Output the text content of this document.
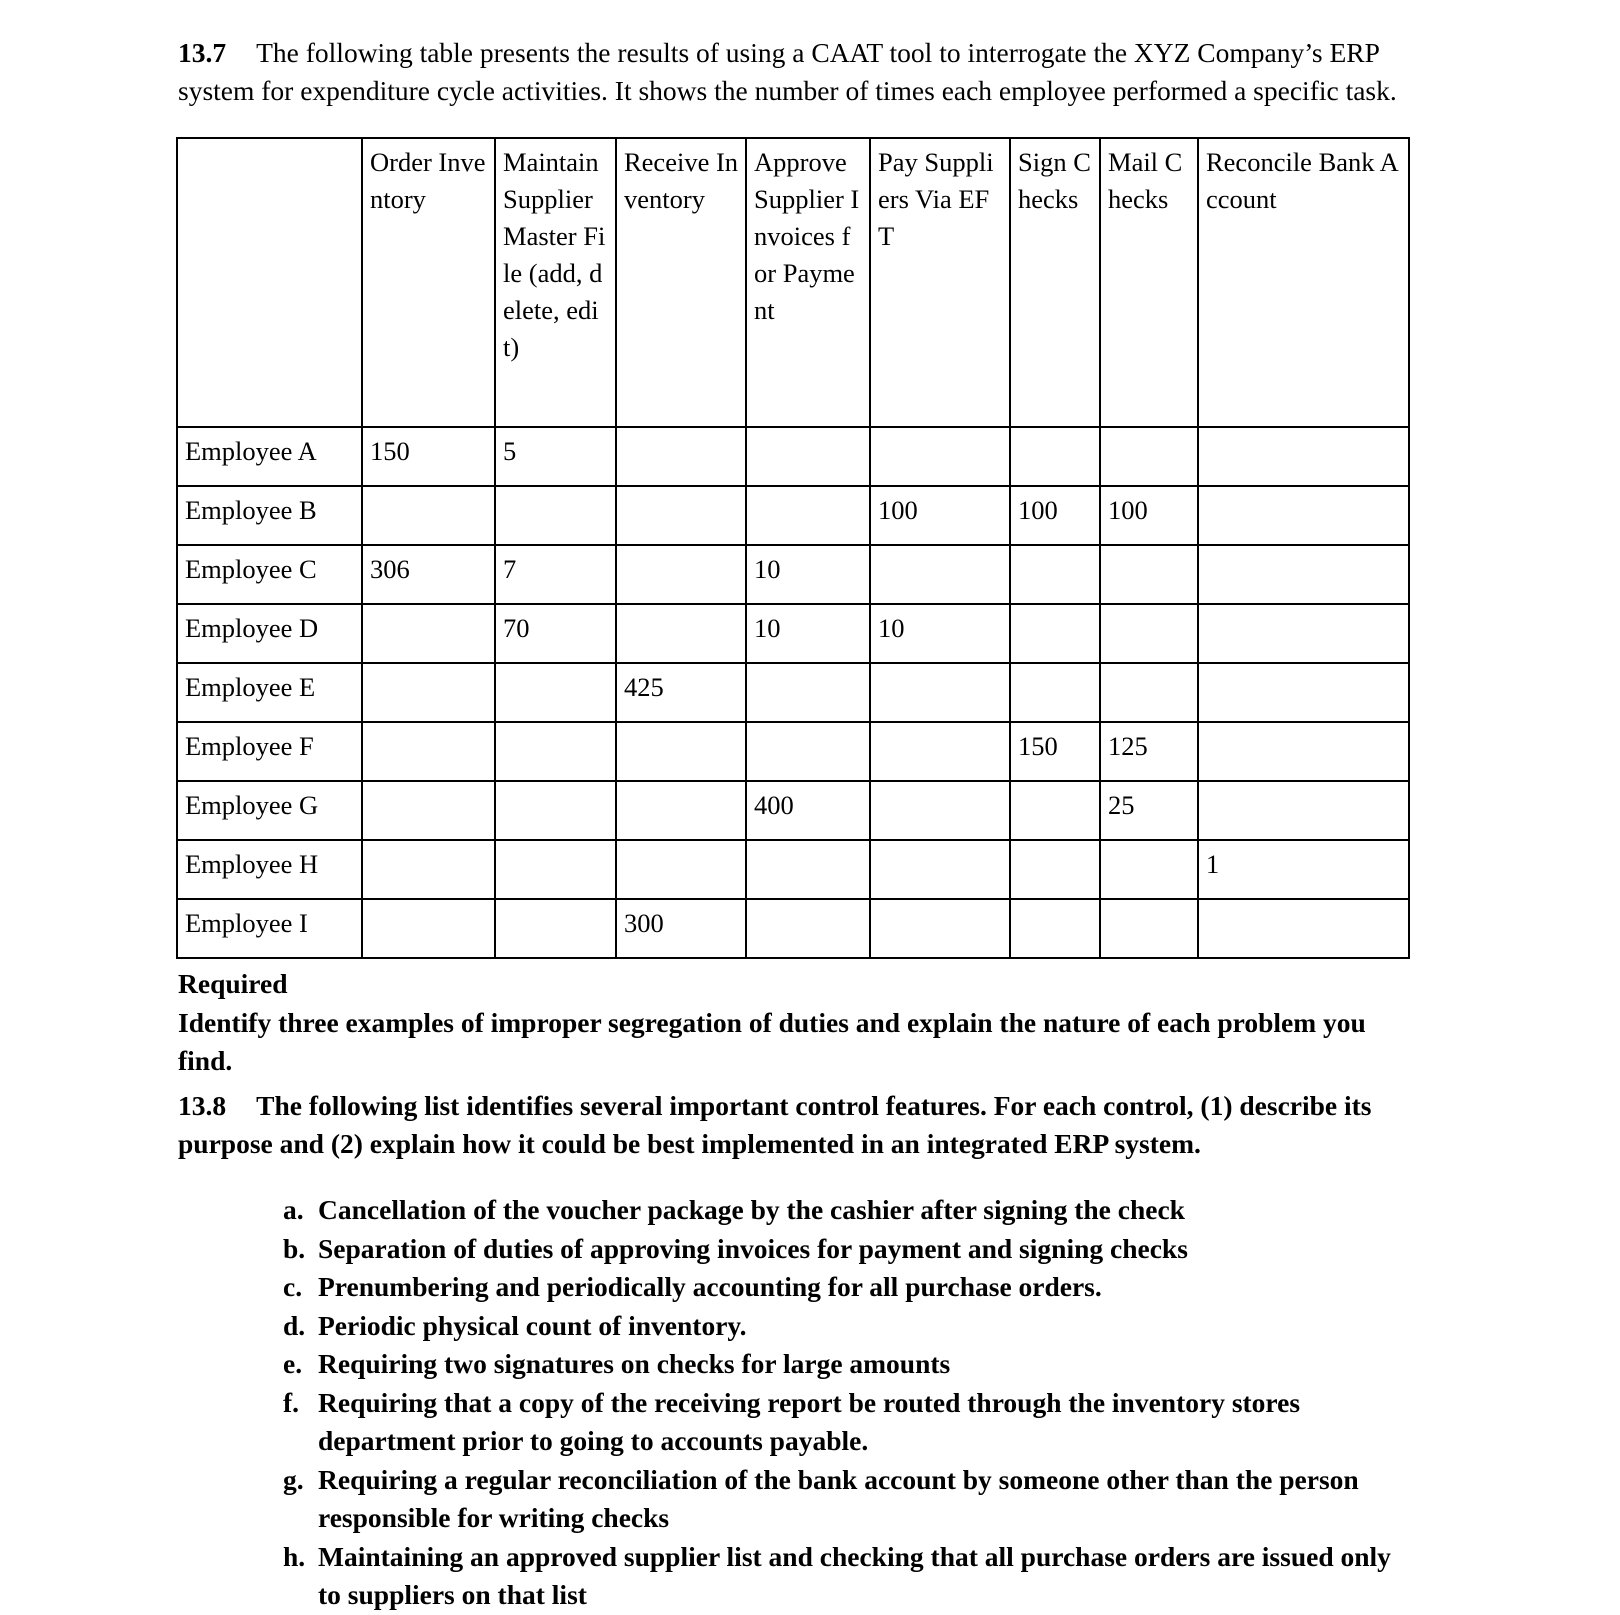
13.7 The following table presents the results of using a CAAT tool to interrogate the XYZ Company’s ERP system for expenditure cycle activities. It shows the number of times each employee performed a specific task.

	Order Inventory	Maintain Supplier Master File (add, delete, edit)	Receive Inventory	Approve Supplier Invoices for Payment	Pay Suppliers Via EFT	Sign Checks	Mail Checks	Reconcile Bank Account
Employee A	150	5						
Employee B					100	100	100	
Employee C	306	7		10				
Employee D		70		10	10			
Employee E			425					
Employee F						150	125	
Employee G				400			25	
Employee H								1
Employee I			300					
Required
Identify three examples of improper segregation of duties and explain the nature of each problem you find.

13.8 The following list identifies several important control features. For each control, (1) describe its purpose and (2) explain how it could be best implemented in an integrated ERP system.

a. Cancellation of the voucher package by the cashier after signing the check
b. Separation of duties of approving invoices for payment and signing checks
c. Prenumbering and periodically accounting for all purchase orders.
d. Periodic physical count of inventory.
e. Requiring two signatures on checks for large amounts
f. Requiring that a copy of the receiving report be routed through the inventory stores department prior to going to accounts payable.
g. Requiring a regular reconciliation of the bank account by someone other than the person responsible for writing checks
h. Maintaining an approved supplier list and checking that all purchase orders are issued only to suppliers on that list
